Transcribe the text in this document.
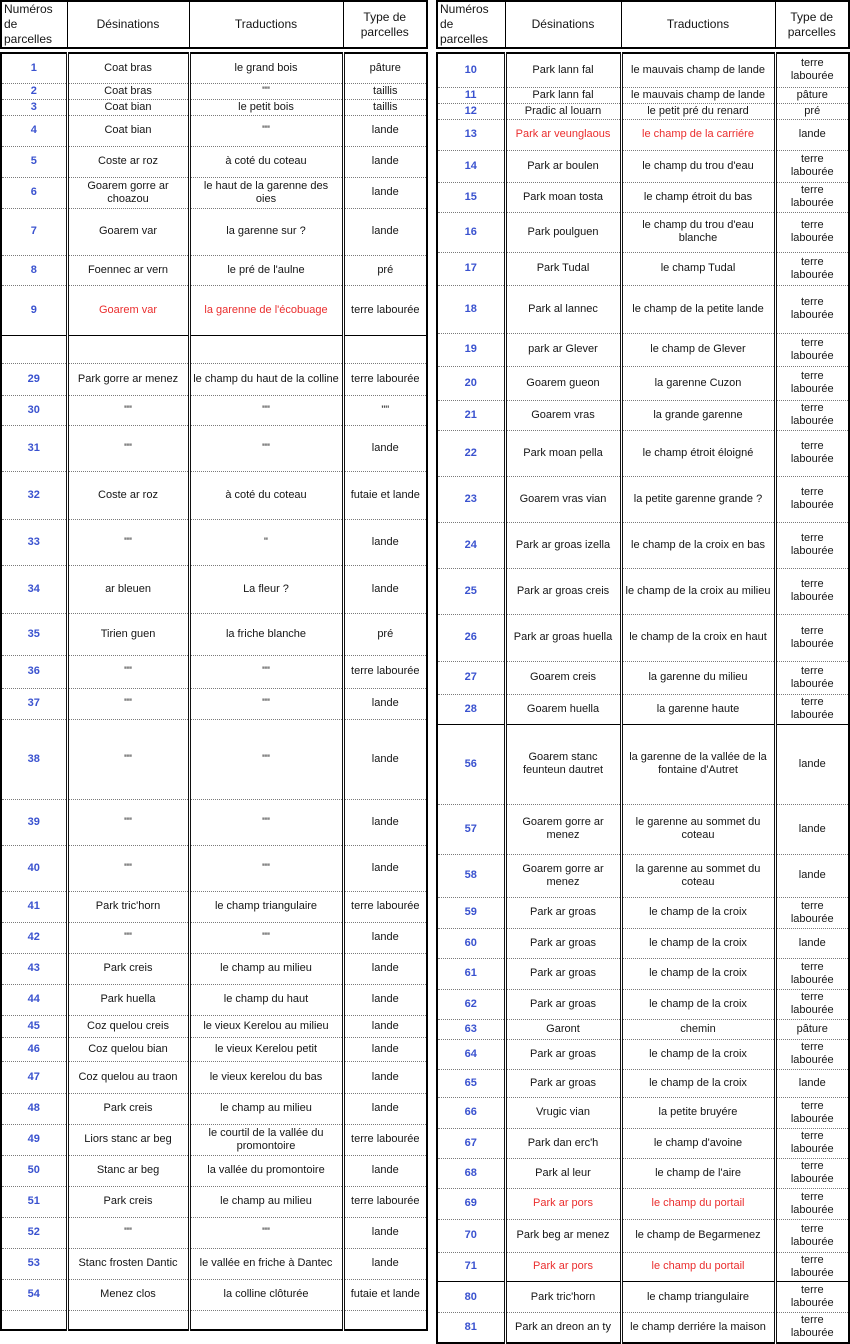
Numéros de parcelles	Désinations	Traductions	Type de parcelles
1	Coat bras	le grand bois	pâture
2	Coat bras	""	taillis
3	Coat bian	le petit bois	taillis
4	Coat bian	""	lande
5	Coste ar roz	à coté du coteau	lande
6	Goarem gorre ar choazou	le haut de la garenne des oies	lande
7	Goarem var	la garenne sur ?	lande
8	Foennec ar vern	le pré de l'aulne	pré
9	Goarem var	la garenne de l'écobuage	terre labourée

29	Park gorre ar menez	le champ du haut de la colline	terre labourée
30	""	""	""
31	""	""	lande
32	Coste ar roz	à coté du coteau	futaie et lande
33	""	"	lande
34	ar bleuen	La fleur ?	lande
35	Tirien guen	la friche blanche	pré
36	""	""	terre labourée
37	""	""	lande
38	""	""	lande
39	""	""	lande
40	""	""	lande
41	Park tric'horn	le champ triangulaire	terre labourée
42	""	""	lande
43	Park creis	le champ au milieu	lande
44	Park huella	le champ du haut	lande
45	Coz quelou creis	le vieux Kerelou au milieu	lande
46	Coz quelou bian	le vieux Kerelou petit	lande
47	Coz quelou au traon	le vieux kerelou du bas	lande
48	Park creis	le champ au milieu	lande
49	Liors stanc ar beg	le courtil de la vallée du promontoire	terre labourée
50	Stanc ar beg	la vallée du promontoire	lande
51	Park creis	le champ au milieu	terre labourée
52	""	""	lande
53	Stanc frosten Dantic	le vallée en friche à Dantec	lande
54	Menez clos	la colline clôturée	futaie et lande

Numéros de parcelles	Désinations	Traductions	Type de parcelles
10	Park lann fal	le mauvais champ de lande	terre labourée
11	Park lann fal	le mauvais champ de lande	pâture
12	Pradic al louarn	le petit pré du renard	pré
13	Park ar veunglaous	le champ de la carriére	lande
14	Park ar boulen	le champ du trou d'eau	terre labourée
15	Park moan tosta	le champ étroit du bas	terre labourée
16	Park poulguen	le champ du trou d'eau blanche	terre labourée
17	Park Tudal	le champ Tudal	terre labourée
18	Park al lannec	le champ de la petite lande	terre labourée
19	park ar Glever	le champ de Glever	terre labourée
20	Goarem gueon	la garenne Cuzon	terre labourée
21	Goarem vras	la grande garenne	terre labourée
22	Park moan pella	le champ étroit éloigné	terre labourée
23	Goarem vras vian	la petite garenne grande ?	terre labourée
24	Park ar groas izella	le champ de la croix en bas	terre labourée
25	Park ar groas creis	le champ de la croix au milieu	terre labourée
26	Park ar groas huella	le champ de la croix en haut	terre labourée
27	Goarem creis	la garenne du milieu	terre labourée
28	Goarem huella	la garenne haute	terre labourée
56	Goarem stanc feunteun dautret	la garenne de la vallée de la fontaine d'Autret	lande
57	Goarem gorre ar menez	le garenne au sommet du coteau	lande
58	Goarem gorre ar menez	la garenne au sommet du coteau	lande
59	Park ar groas	le champ de la croix	terre labourée
60	Park ar groas	le champ de la croix	lande
61	Park ar groas	le champ de la croix	terre labourée
62	Park ar groas	le champ de la croix	terre labourée
63	Garont	chemin	pâture
64	Park ar groas	le champ de la croix	terre labourée
65	Park ar groas	le champ de la croix	lande
66	Vrugic vian	la petite bruyére	terre labourée
67	Park dan erc'h	le champ d'avoine	terre labourée
68	Park al leur	le champ de l'aire	terre labourée
69	Park ar pors	le champ du portail	terre labourée
70	Park beg ar menez	le champ de Begarmenez	terre labourée
71	Park ar pors	le champ du portail	terre labourée
80	Park tric'horn	le champ triangulaire	terre labourée
81	Park an dreon an ty	le champ derriére la maison	terre labourée
